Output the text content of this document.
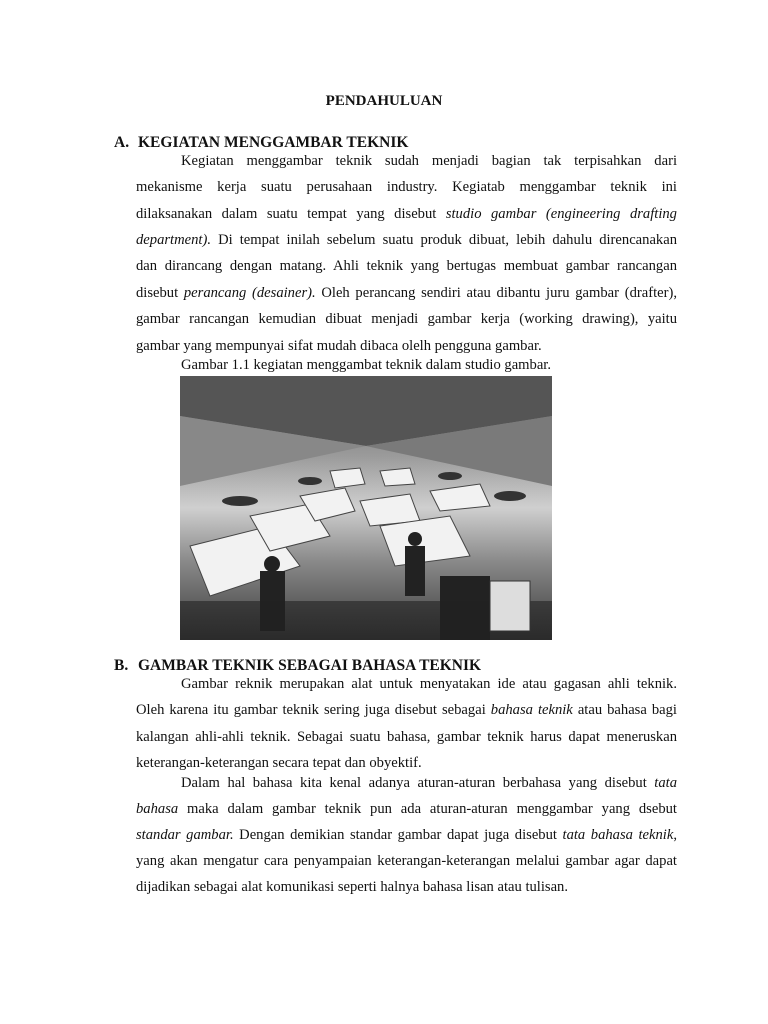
PENDAHULUAN
A. KEGIATAN MENGGAMBAR TEKNIK
Kegiatan menggambar teknik sudah menjadi bagian tak terpisahkan dari
mekanisme kerja suatu perusahaan industry. Kegiatab menggambar teknik ini
dilaksanakan dalam suatu tempat yang disebut studio gambar (engineering drafting
department). Di tempat inilah sebelum suatu produk dibuat, lebih dahulu direncanakan
dan dirancang dengan matang. Ahli teknik yang bertugas membuat gambar rancangan
disebut perancang (desainer). Oleh perancang sendiri atau dibantu juru gambar (drafter),
gambar rancangan kemudian dibuat menjadi gambar kerja (working drawing), yaitu
gambar yang mempunyai sifat mudah dibaca olelh pengguna gambar.
Gambar 1.1 kegiatan menggambat teknik dalam studio gambar.
B. GAMBAR TEKNIK SEBAGAI BAHASA TEKNIK
Gambar reknik merupakan alat untuk menyatakan ide atau gagasan ahli teknik.
Oleh karena itu gambar teknik sering juga disebut sebagai bahasa teknik atau bahasa bagi
kalangan ahli-ahli teknik. Sebagai suatu bahasa, gambar teknik harus dapat meneruskan
keterangan-keterangan secara tepat dan obyektif.
Dalam hal bahasa kita kenal adanya aturan-aturan berbahasa yang disebut tata
bahasa maka dalam gambar teknik pun ada aturan-aturan menggambar yang dsebut
standar gambar. Dengan demikian standar gambar dapat juga disebut tata bahasa teknik,
yang akan mengatur cara penyampaian keterangan-keterangan melalui gambar agar dapat
dijadikan sebagai alat komunikasi seperti halnya bahasa lisan atau tulisan.
